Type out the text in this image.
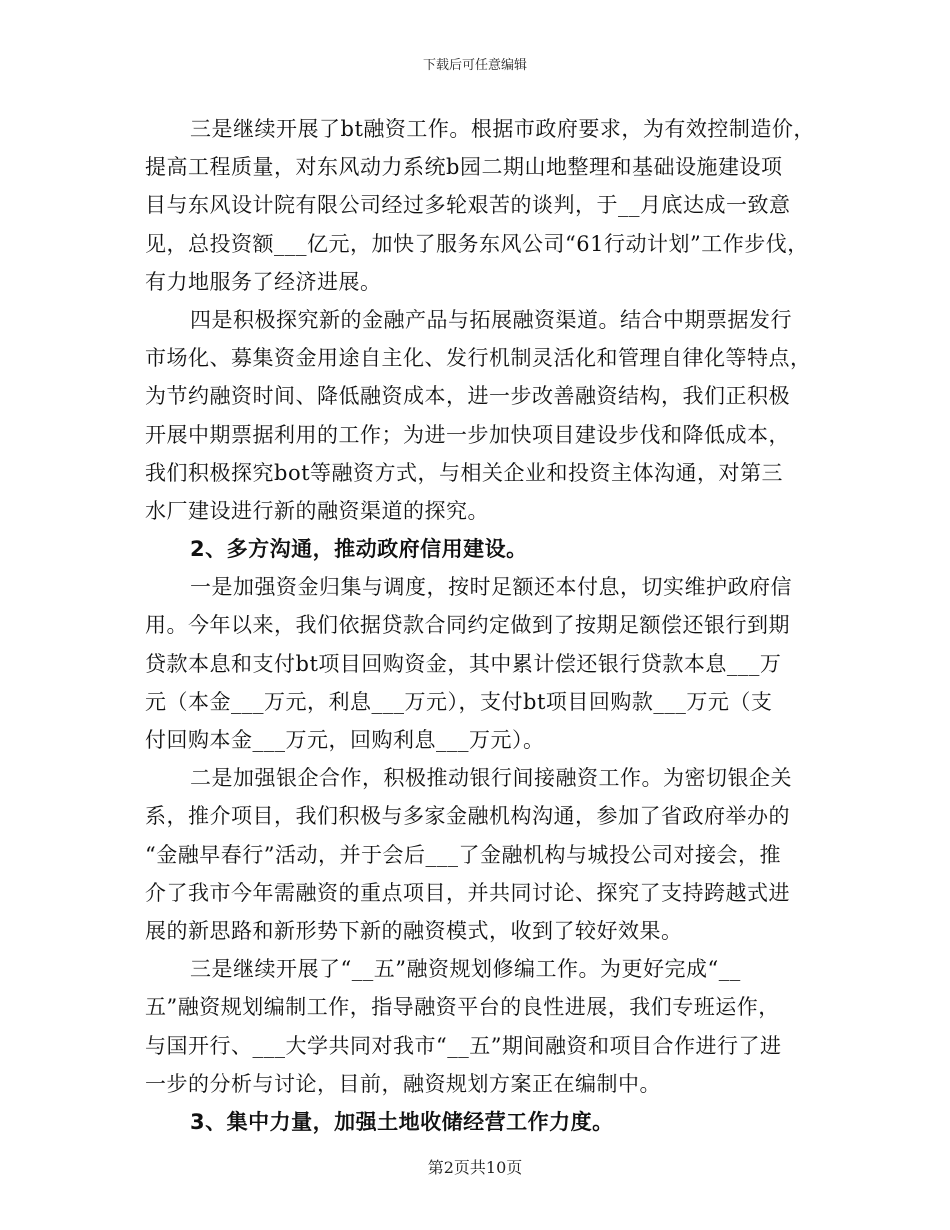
下载后可任意编辑
三是继续开展了bt融资工作。根据市政府要求，为有效控制造价，
提高工程质量，对东风动力系统b园二期山地整理和基础设施建设项
目与东风设计院有限公司经过多轮艰苦的谈判，于__月底达成一致意
见，总投资额___亿元，加快了服务东风公司“61行动计划”工作步伐，
有力地服务了经济进展。
四是积极探究新的金融产品与拓展融资渠道。结合中期票据发行
市场化、募集资金用途自主化、发行机制灵活化和管理自律化等特点，
为节约融资时间、降低融资成本，进一步改善融资结构，我们正积极
开展中期票据利用的工作；为进一步加快项目建设步伐和降低成本，
我们积极探究bot等融资方式，与相关企业和投资主体沟通，对第三
水厂建设进行新的融资渠道的探究。
2、多方沟通，推动政府信用建设。
一是加强资金归集与调度，按时足额还本付息，切实维护政府信
用。今年以来，我们依据贷款合同约定做到了按期足额偿还银行到期
贷款本息和支付bt项目回购资金，其中累计偿还银行贷款本息___万
元（本金___万元，利息___万元），支付bt项目回购款___万元（支
付回购本金___万元，回购利息___万元）。
二是加强银企合作，积极推动银行间接融资工作。为密切银企关
系，推介项目，我们积极与多家金融机构沟通，参加了省政府举办的
“金融早春行”活动，并于会后___了金融机构与城投公司对接会，推
介了我市今年需融资的重点项目，并共同讨论、探究了支持跨越式进
展的新思路和新形势下新的融资模式，收到了较好效果。
三是继续开展了“__五”融资规划修编工作。为更好完成“__
五”融资规划编制工作，指导融资平台的良性进展，我们专班运作，
与国开行、___大学共同对我市“__五”期间融资和项目合作进行了进
一步的分析与讨论，目前，融资规划方案正在编制中。
3、集中力量，加强土地收储经营工作力度。
第2页共10页
